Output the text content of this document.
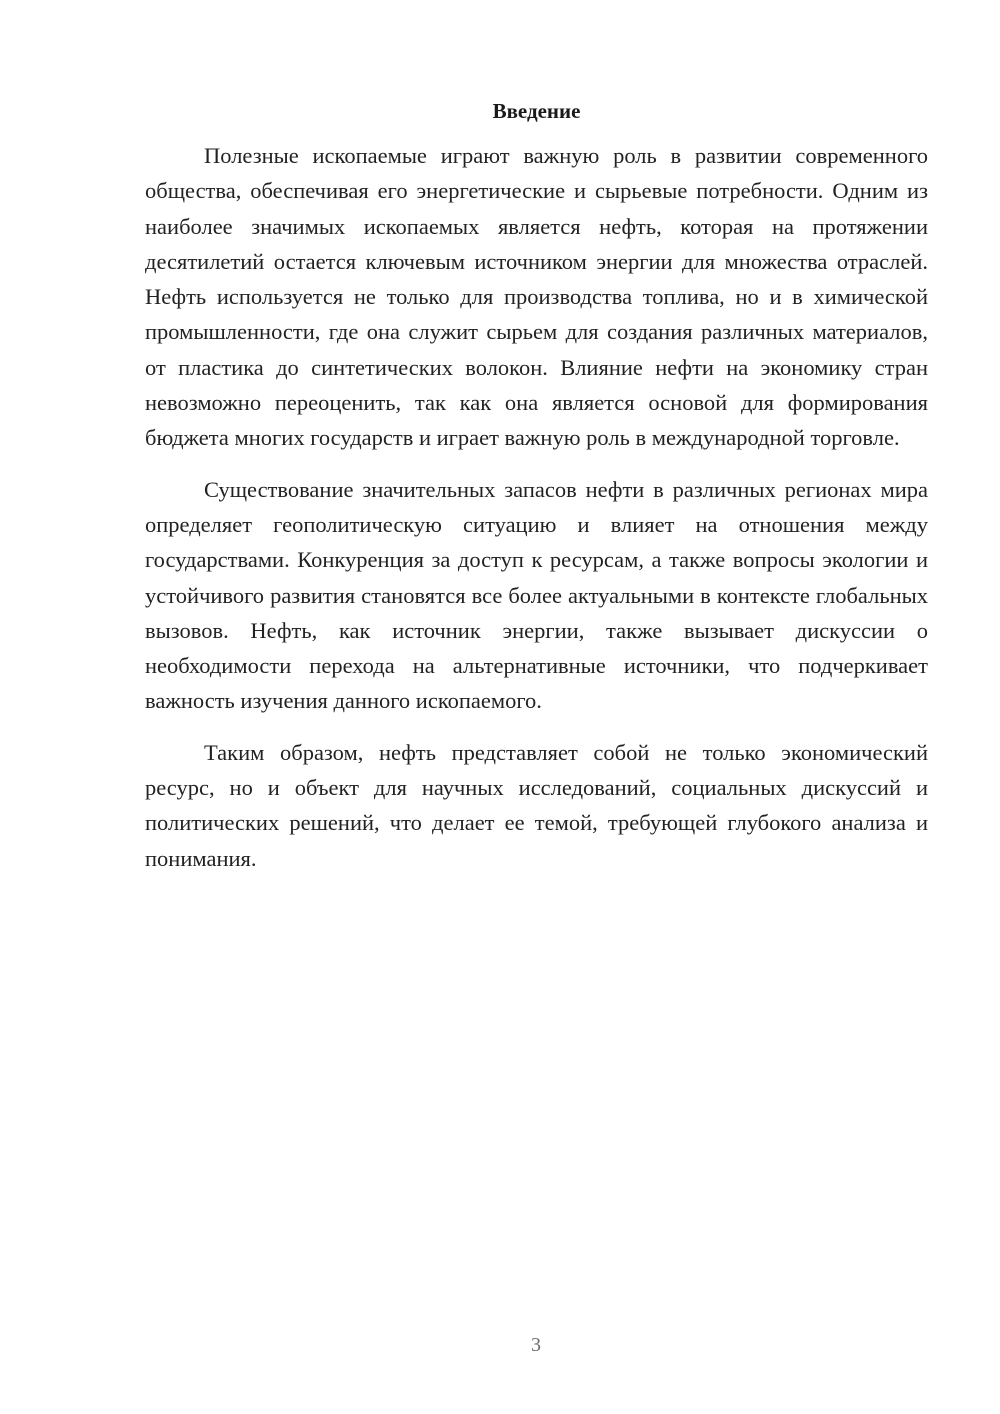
Введение

Полезные ископаемые играют важную роль в развитии современного общества, обеспечивая его энергетические и сырьевые потребности. Одним из наиболее значимых ископаемых является нефть, которая на протяжении десятилетий остается ключевым источником энергии для множества отраслей. Нефть используется не только для производства топлива, но и в химической промышленности, где она служит сырьем для создания различных материалов, от пластика до синтетических волокон. Влияние нефти на экономику стран невозможно переоценить, так как она является основой для формирования бюджета многих государств и играет важную роль в международной торговле.

Существование значительных запасов нефти в различных регионах мира определяет геополитическую ситуацию и влияет на отношения между государствами. Конкуренция за доступ к ресурсам, а также вопросы экологии и устойчивого развития становятся все более актуальными в контексте глобальных вызовов. Нефть, как источник энергии, также вызывает дискуссии о необходимости перехода на альтернативные источники, что подчеркивает важность изучения данного ископаемого.

Таким образом, нефть представляет собой не только экономический ресурс, но и объект для научных исследований, социальных дискуссий и политических решений, что делает ее темой, требующей глубокого анализа и понимания.

3
